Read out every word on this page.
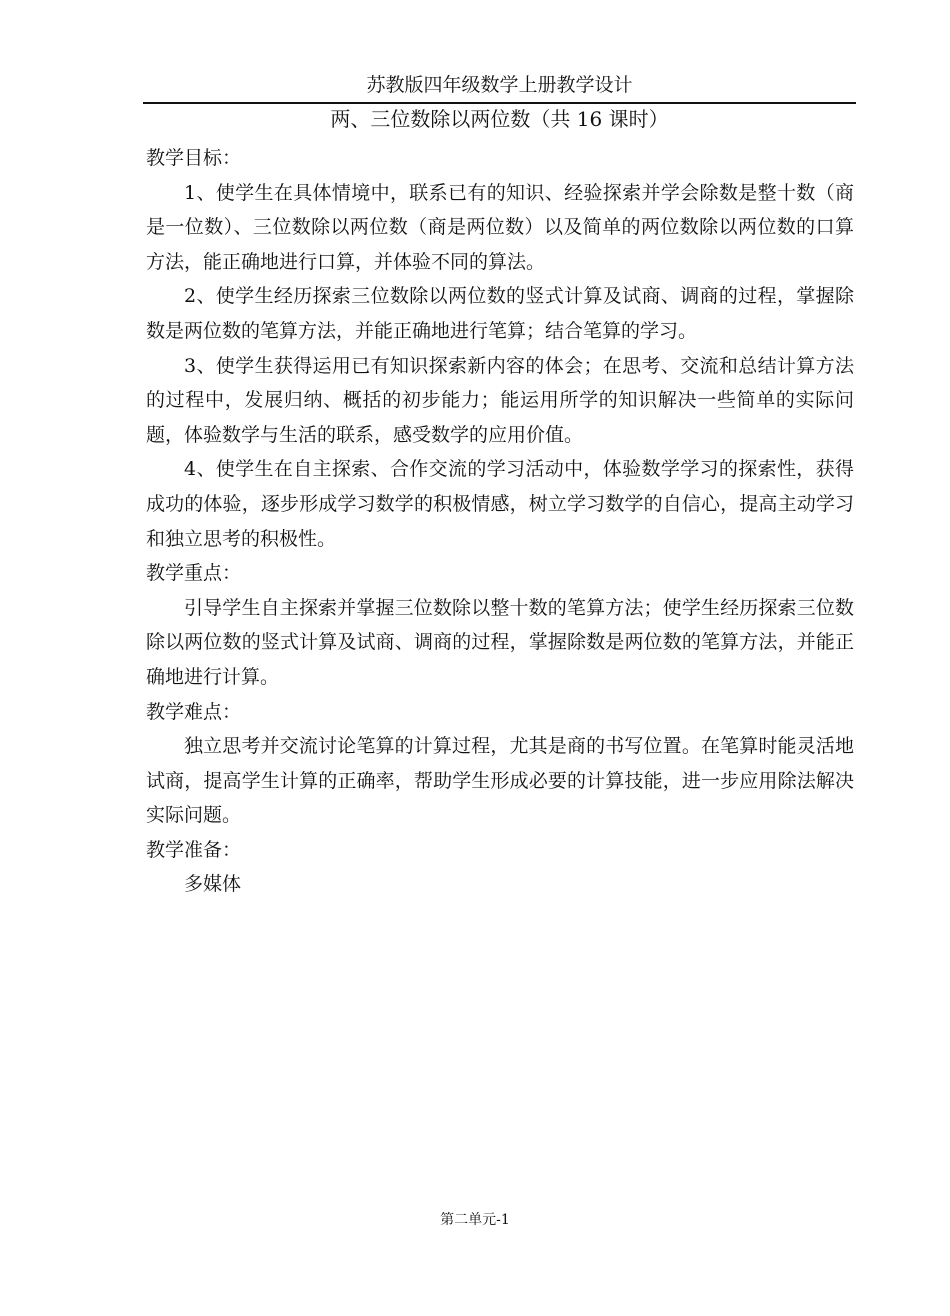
苏教版四年级数学上册教学设计
两、三位数除以两位数（共 16 课时）

教学目标：

1、使学生在具体情境中，联系已有的知识、经验探索并学会除数是整十数（商是一位数）、三位数除以两位数（商是两位数）以及简单的两位数除以两位数的口算方法，能正确地进行口算，并体验不同的算法。

2、使学生经历探索三位数除以两位数的竖式计算及试商、调商的过程，掌握除数是两位数的笔算方法，并能正确地进行笔算；结合笔算的学习。

3、使学生获得运用已有知识探索新内容的体会；在思考、交流和总结计算方法的过程中，发展归纳、概括的初步能力；能运用所学的知识解决一些简单的实际问题，体验数学与生活的联系，感受数学的应用价值。

4、使学生在自主探索、合作交流的学习活动中，体验数学学习的探索性，获得成功的体验，逐步形成学习数学的积极情感，树立学习数学的自信心，提高主动学习和独立思考的积极性。

教学重点：

引导学生自主探索并掌握三位数除以整十数的笔算方法；使学生经历探索三位数除以两位数的竖式计算及试商、调商的过程，掌握除数是两位数的笔算方法，并能正确地进行计算。

教学难点：

独立思考并交流讨论笔算的计算过程，尤其是商的书写位置。在笔算时能灵活地试商，提高学生计算的正确率，帮助学生形成必要的计算技能，进一步应用除法解决实际问题。

教学准备：

多媒体

第二单元-1
